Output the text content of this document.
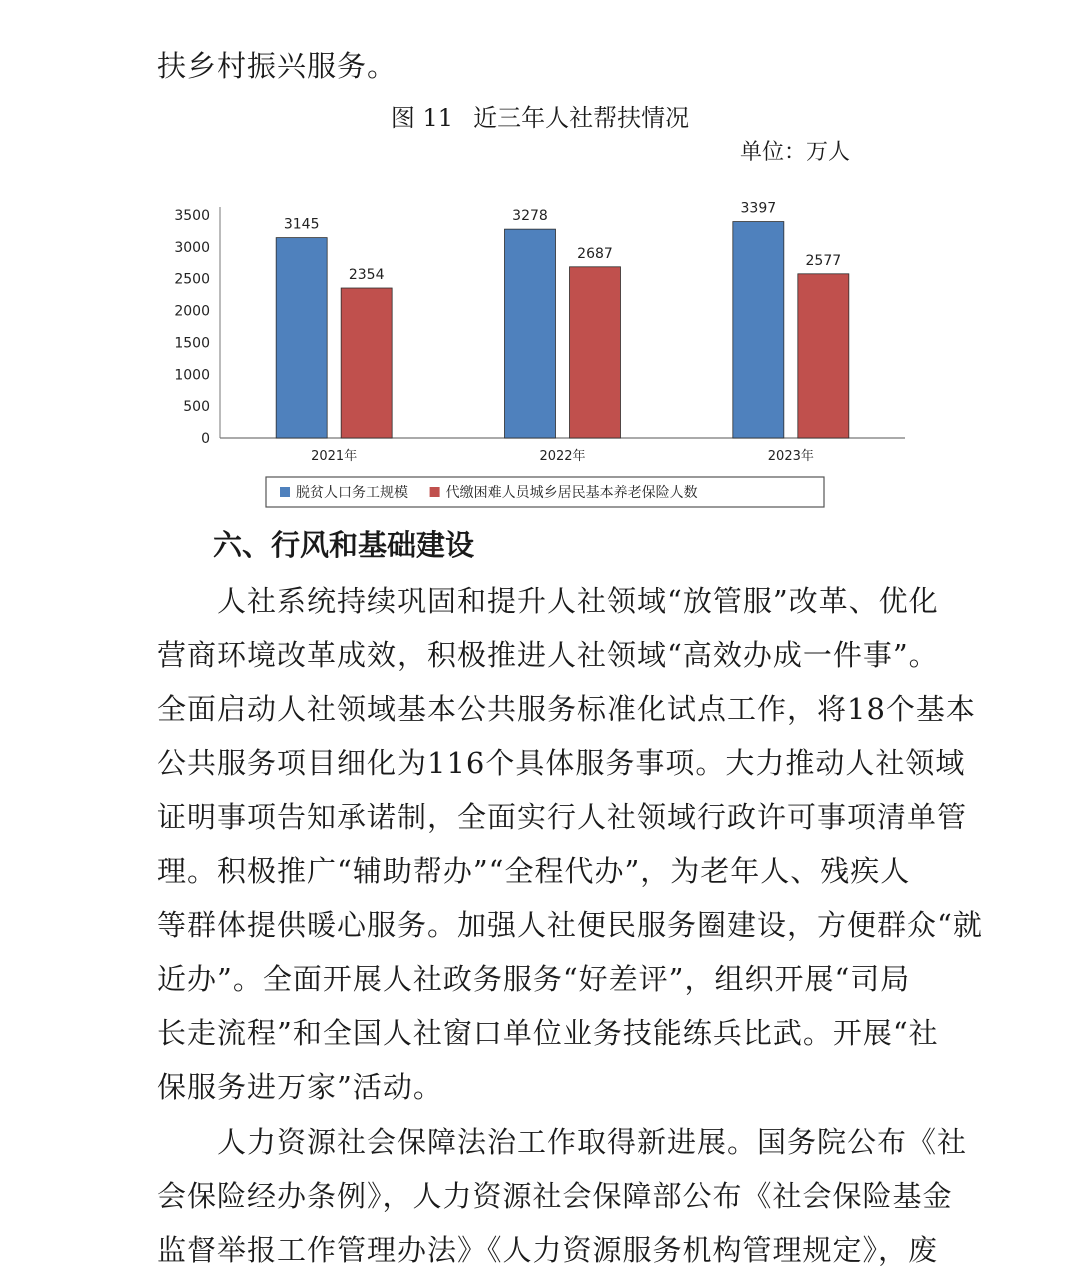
扶乡村振兴服务。
图 11 近三年人社帮扶情况
单位：万人
0
500
1000
1500
2000
2500
3000
3500
3145
2354
2021年
3278
2687
2022年
3397
2577
2023年
脱贫人口务工规模	代缴困难人员城乡居民基本养老保险人数
六、行风和基础建设
　　人社系统持续巩固和提升人社领域“放管服”改革、优化
营商环境改革成效，积极推进人社领域“高效办成一件事”。
全面启动人社领域基本公共服务标准化试点工作，将18个基本
公共服务项目细化为116个具体服务事项。大力推动人社领域
证明事项告知承诺制，全面实行人社领域行政许可事项清单管
理。积极推广“辅助帮办”“全程代办”，为老年人、残疾人
等群体提供暖心服务。加强人社便民服务圈建设，方便群众“就
近办”。全面开展人社政务服务“好差评”，组织开展“司局
长走流程”和全国人社窗口单位业务技能练兵比武。开展“社
保服务进万家”活动。
　　人力资源社会保障法治工作取得新进展。国务院公布《社
会保险经办条例》，人力资源社会保障部公布《社会保险基金
监督举报工作管理办法》《人力资源服务机构管理规定》，废
